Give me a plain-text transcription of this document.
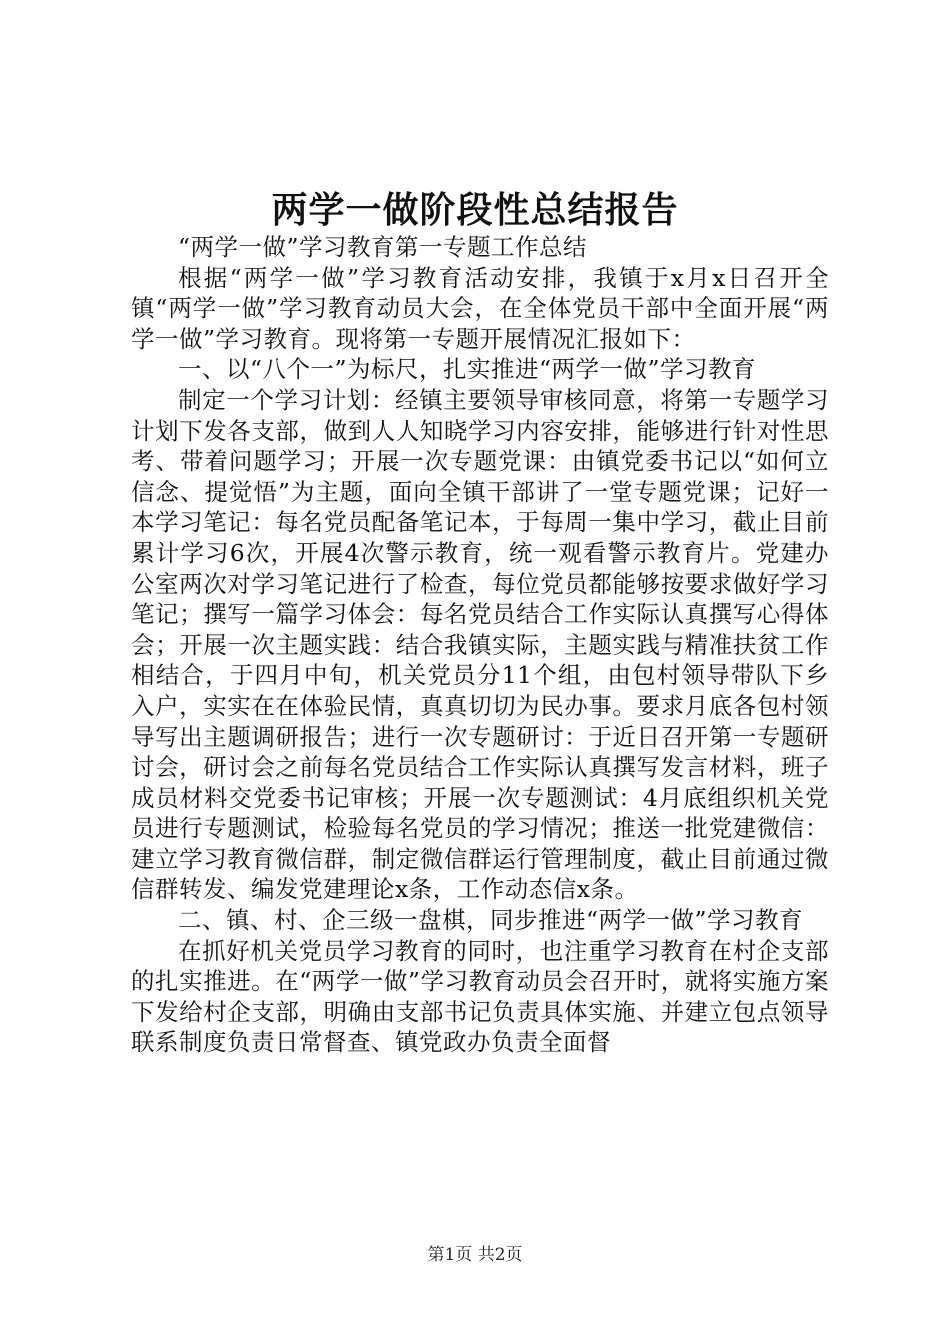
两学一做阶段性总结报告

“两学一做”学习教育第一专题工作总结

根据“两学一做”学习教育活动安排，我镇于x月x日召开全镇“两学一做”学习教育动员大会，在全体党员干部中全面开展“两学一做”学习教育。现将第一专题开展情况汇报如下：

一、以“八个一”为标尺，扎实推进“两学一做”学习教育

制定一个学习计划：经镇主要领导审核同意，将第一专题学习计划下发各支部，做到人人知晓学习内容安排，能够进行针对性思考、带着问题学习；开展一次专题党课：由镇党委书记以“如何立信念、提觉悟”为主题，面向全镇干部讲了一堂专题党课；记好一本学习笔记：每名党员配备笔记本，于每周一集中学习，截止目前累计学习6次，开展4次警示教育，统一观看警示教育片。党建办公室两次对学习笔记进行了检查，每位党员都能够按要求做好学习笔记；撰写一篇学习体会：每名党员结合工作实际认真撰写心得体会；开展一次主题实践：结合我镇实际，主题实践与精准扶贫工作相结合，于四月中旬，机关党员分11个组，由包村领导带队下乡入户，实实在在体验民情，真真切切为民办事。要求月底各包村领导写出主题调研报告；进行一次专题研讨：于近日召开第一专题研讨会，研讨会之前每名党员结合工作实际认真撰写发言材料，班子成员材料交党委书记审核；开展一次专题测试：4月底组织机关党员进行专题测试，检验每名党员的学习情况；推送一批党建微信：建立学习教育微信群，制定微信群运行管理制度，截止目前通过微信群转发、编发党建理论x条，工作动态信x条。

二、镇、村、企三级一盘棋，同步推进“两学一做”学习教育

在抓好机关党员学习教育的同时，也注重学习教育在村企支部的扎实推进。在“两学一做”学习教育动员会召开时，就将实施方案下发给村企支部，明确由支部书记负责具体实施、并建立包点领导联系制度负责日常督查、镇党政办负责全面督

第1页 共2页
